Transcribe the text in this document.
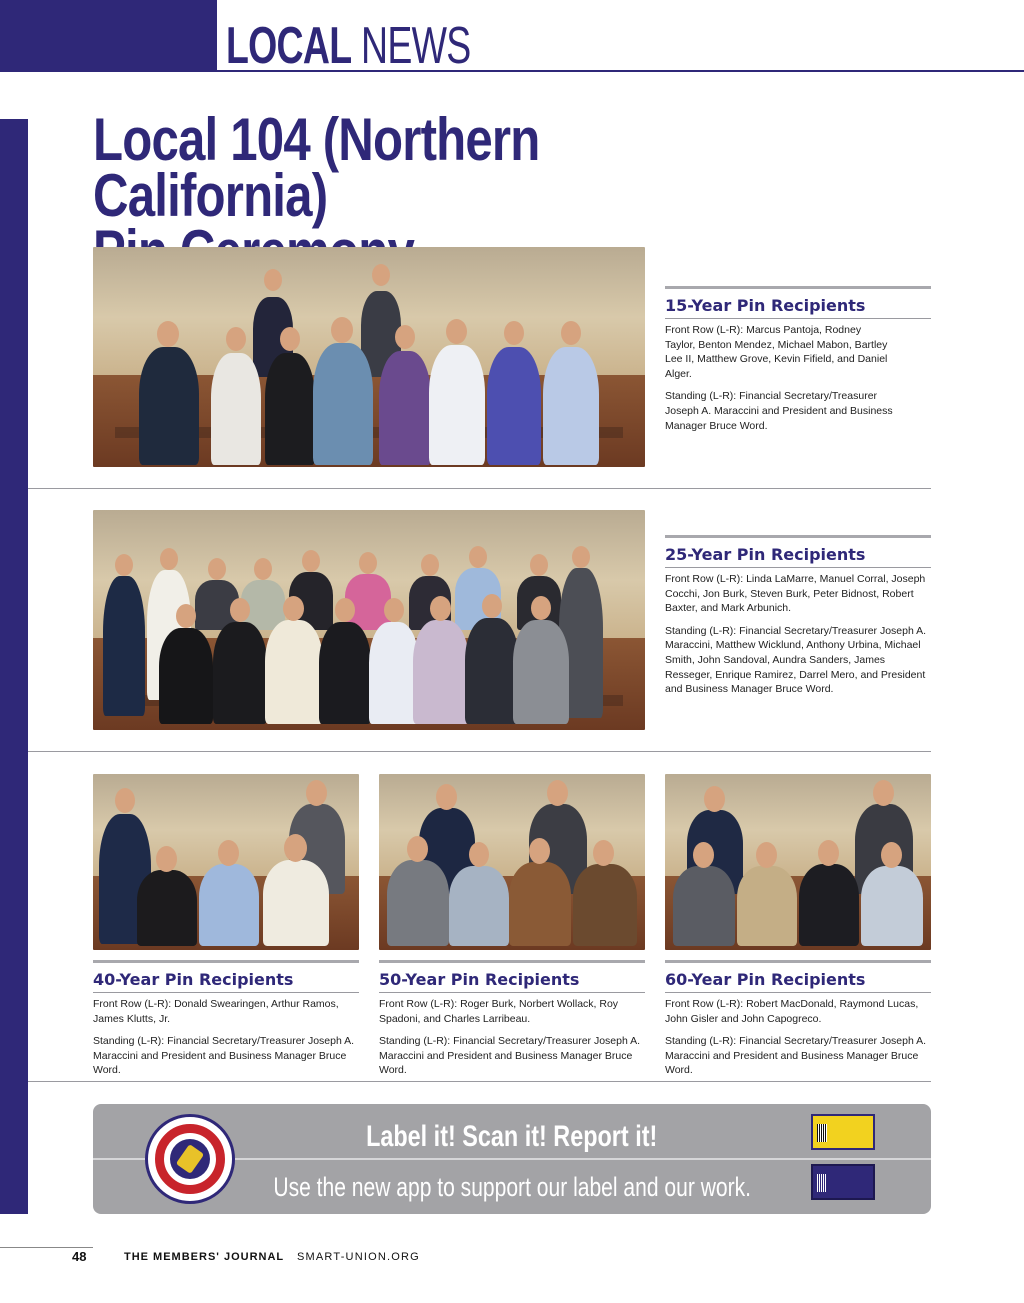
LOCAL NEWS
Local 104 (Northern California)
15-Year Pin Recipients

Front Row (L-R): Marcus Pantoja, Rodney Taylor, Benton Mendez, Michael Mabon, Bartley Lee II, Matthew Grove, Kevin Fifield, and Daniel Alger.

Standing (L-R): Financial Secretary/Treasurer Joseph A. Maraccini and President and Business Manager Bruce Word.

25-Year Pin Recipients

Front Row (L-R): Linda LaMarre, Manuel Corral, Joseph Cocchi, Jon Burk, Steven Burk, Peter Bidnost, Robert Baxter, and Mark Arbunich.

Standing (L-R): Financial Secretary/Treasurer Joseph A. Maraccini, Matthew Wicklund, Anthony Urbina, Michael Smith, John Sandoval, Aundra Sanders, James Resseger, Enrique Ramirez, Darrel Mero, and President and Business Manager Bruce Word.

40-Year Pin Recipients

Front Row (L-R): Donald Swearingen, Arthur Ramos, James Klutts, Jr.

Standing (L-R): Financial Secretary/Treasurer Joseph A. Maraccini and President and Business Manager Bruce Word.

50-Year Pin Recipients

Front Row (L-R): Roger Burk, Norbert Wollack, Roy Spadoni, and Charles Larribeau.

Standing (L-R): Financial Secretary/Treasurer Joseph A. Maraccini and President and Business Manager Bruce Word.

60-Year Pin Recipients

Front Row (L-R): Robert MacDonald, Raymond Lucas, John Gisler and John Capogreco.

Standing (L-R): Financial Secretary/Treasurer Joseph A. Maraccini and President and Business Manager Bruce Word.

Label it! Scan it! Report it!
Use the new app to support our label and our work.
48	THE MEMBERS' JOURNAL SMART-UNION.ORG
